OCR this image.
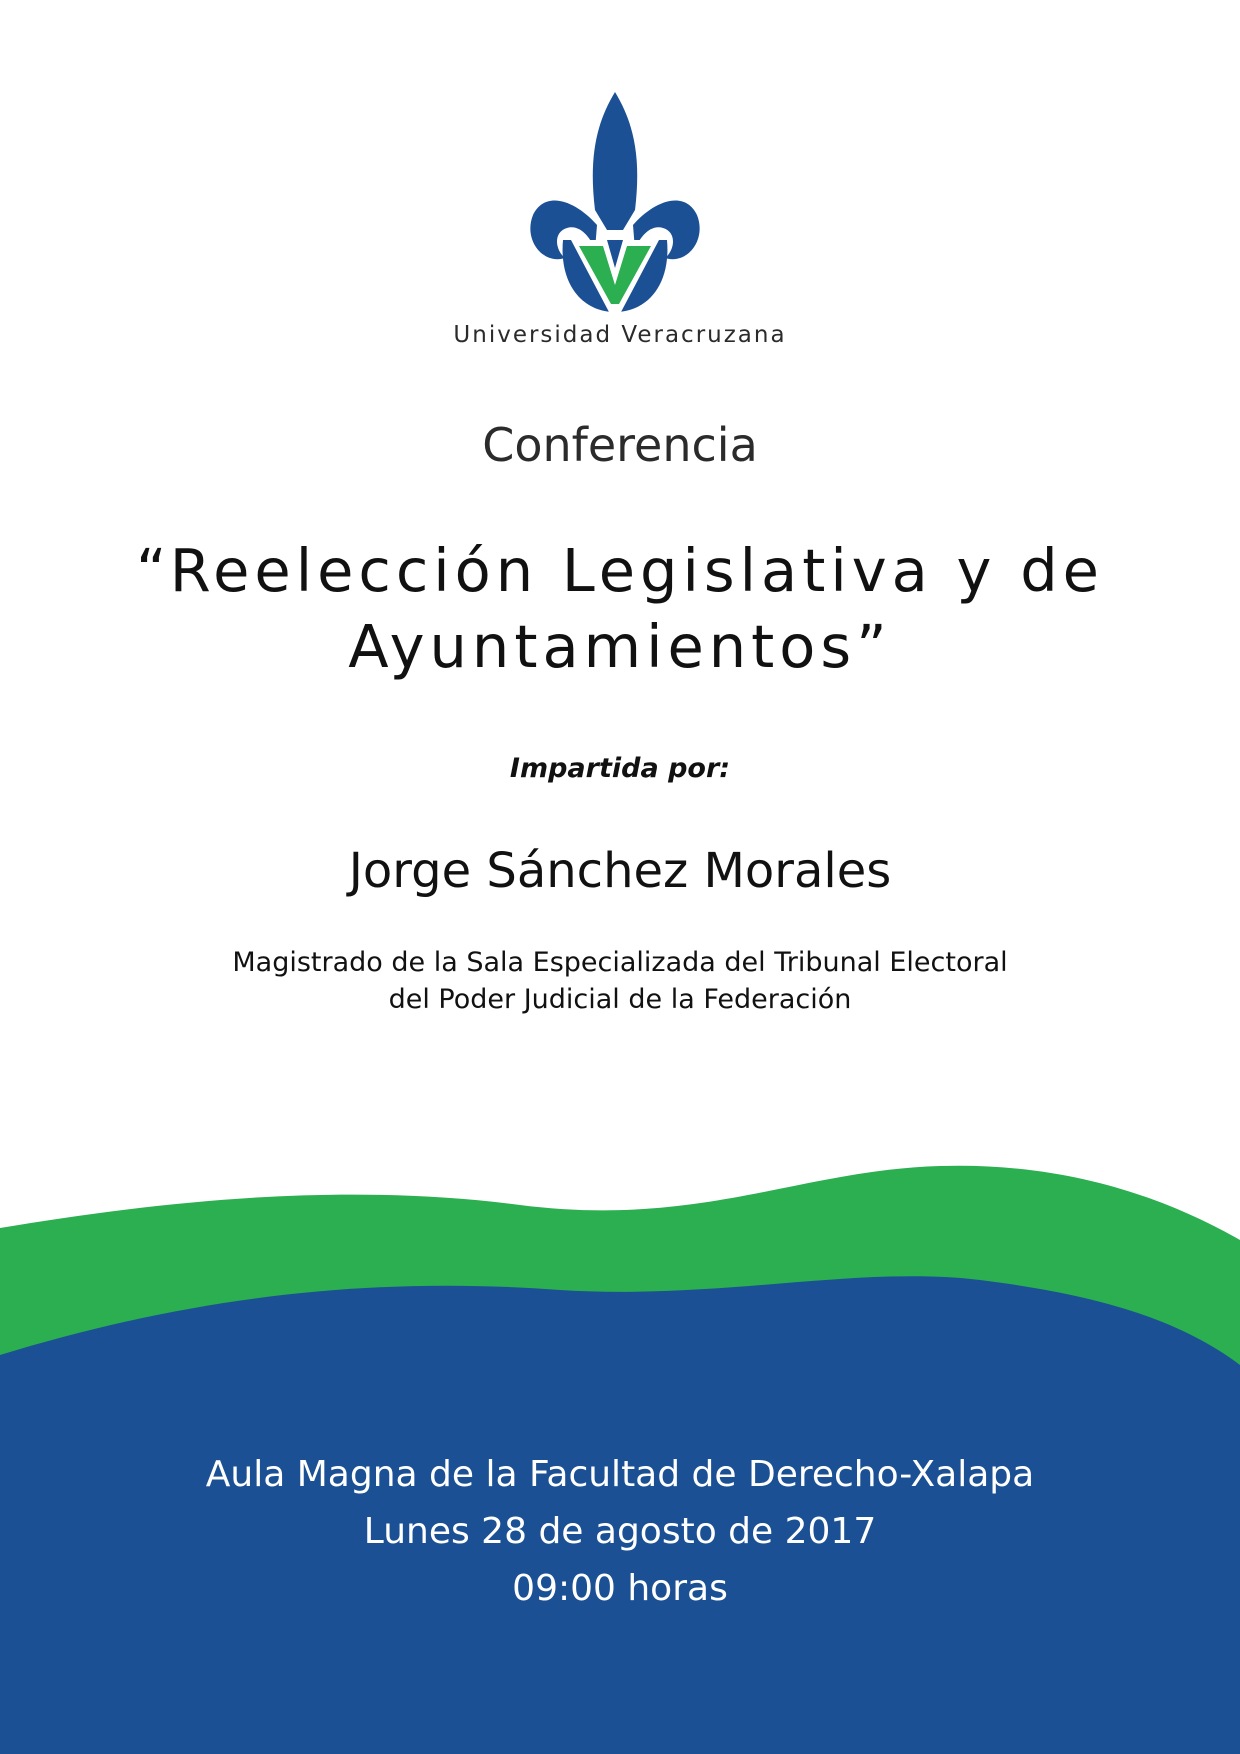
Universidad Veracruzana

Conferencia

“Reelección Legislativa y de Ayuntamientos”

Impartida por:

Jorge Sánchez Morales

Magistrado de la Sala Especializada del Tribunal Electoral
del Poder Judicial de la Federación

Aula Magna de la Facultad de Derecho-Xalapa
Lunes 28 de agosto de 2017
09:00 horas
